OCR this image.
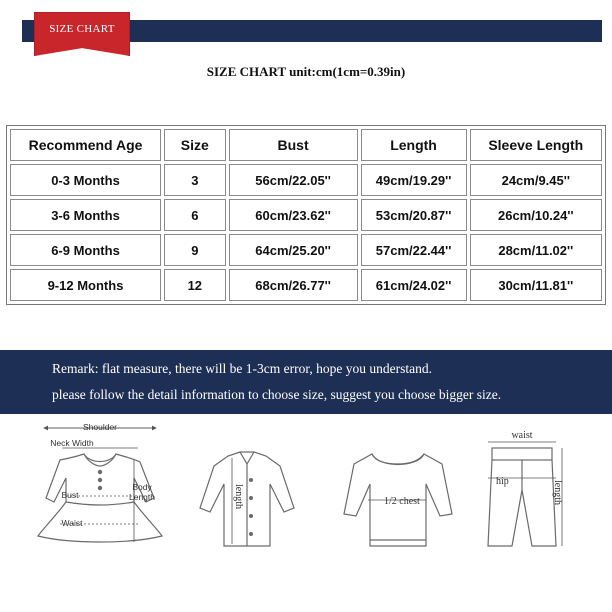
SIZE CHART
SIZE CHART unit:cm(1cm=0.39in)
Recommend Age	Size	Bust	Length	Sleeve Length
0-3 Months	3	56cm/22.05''	49cm/19.29''	24cm/9.45''
3-6 Months	6	60cm/23.62''	53cm/20.87''	26cm/10.24''
6-9 Months	9	64cm/25.20''	57cm/22.44''	28cm/11.02''
9-12 Months	12	68cm/26.77''	61cm/24.02''	30cm/11.81''
Remark: flat measure, there will be 1-3cm error, hope you understand.
please follow the detail information to choose size, suggest you choose bigger size.
Shoulder
Neck Width
Bust
Waist
Body
Length	length	1/2 chest
waist
hip	length
